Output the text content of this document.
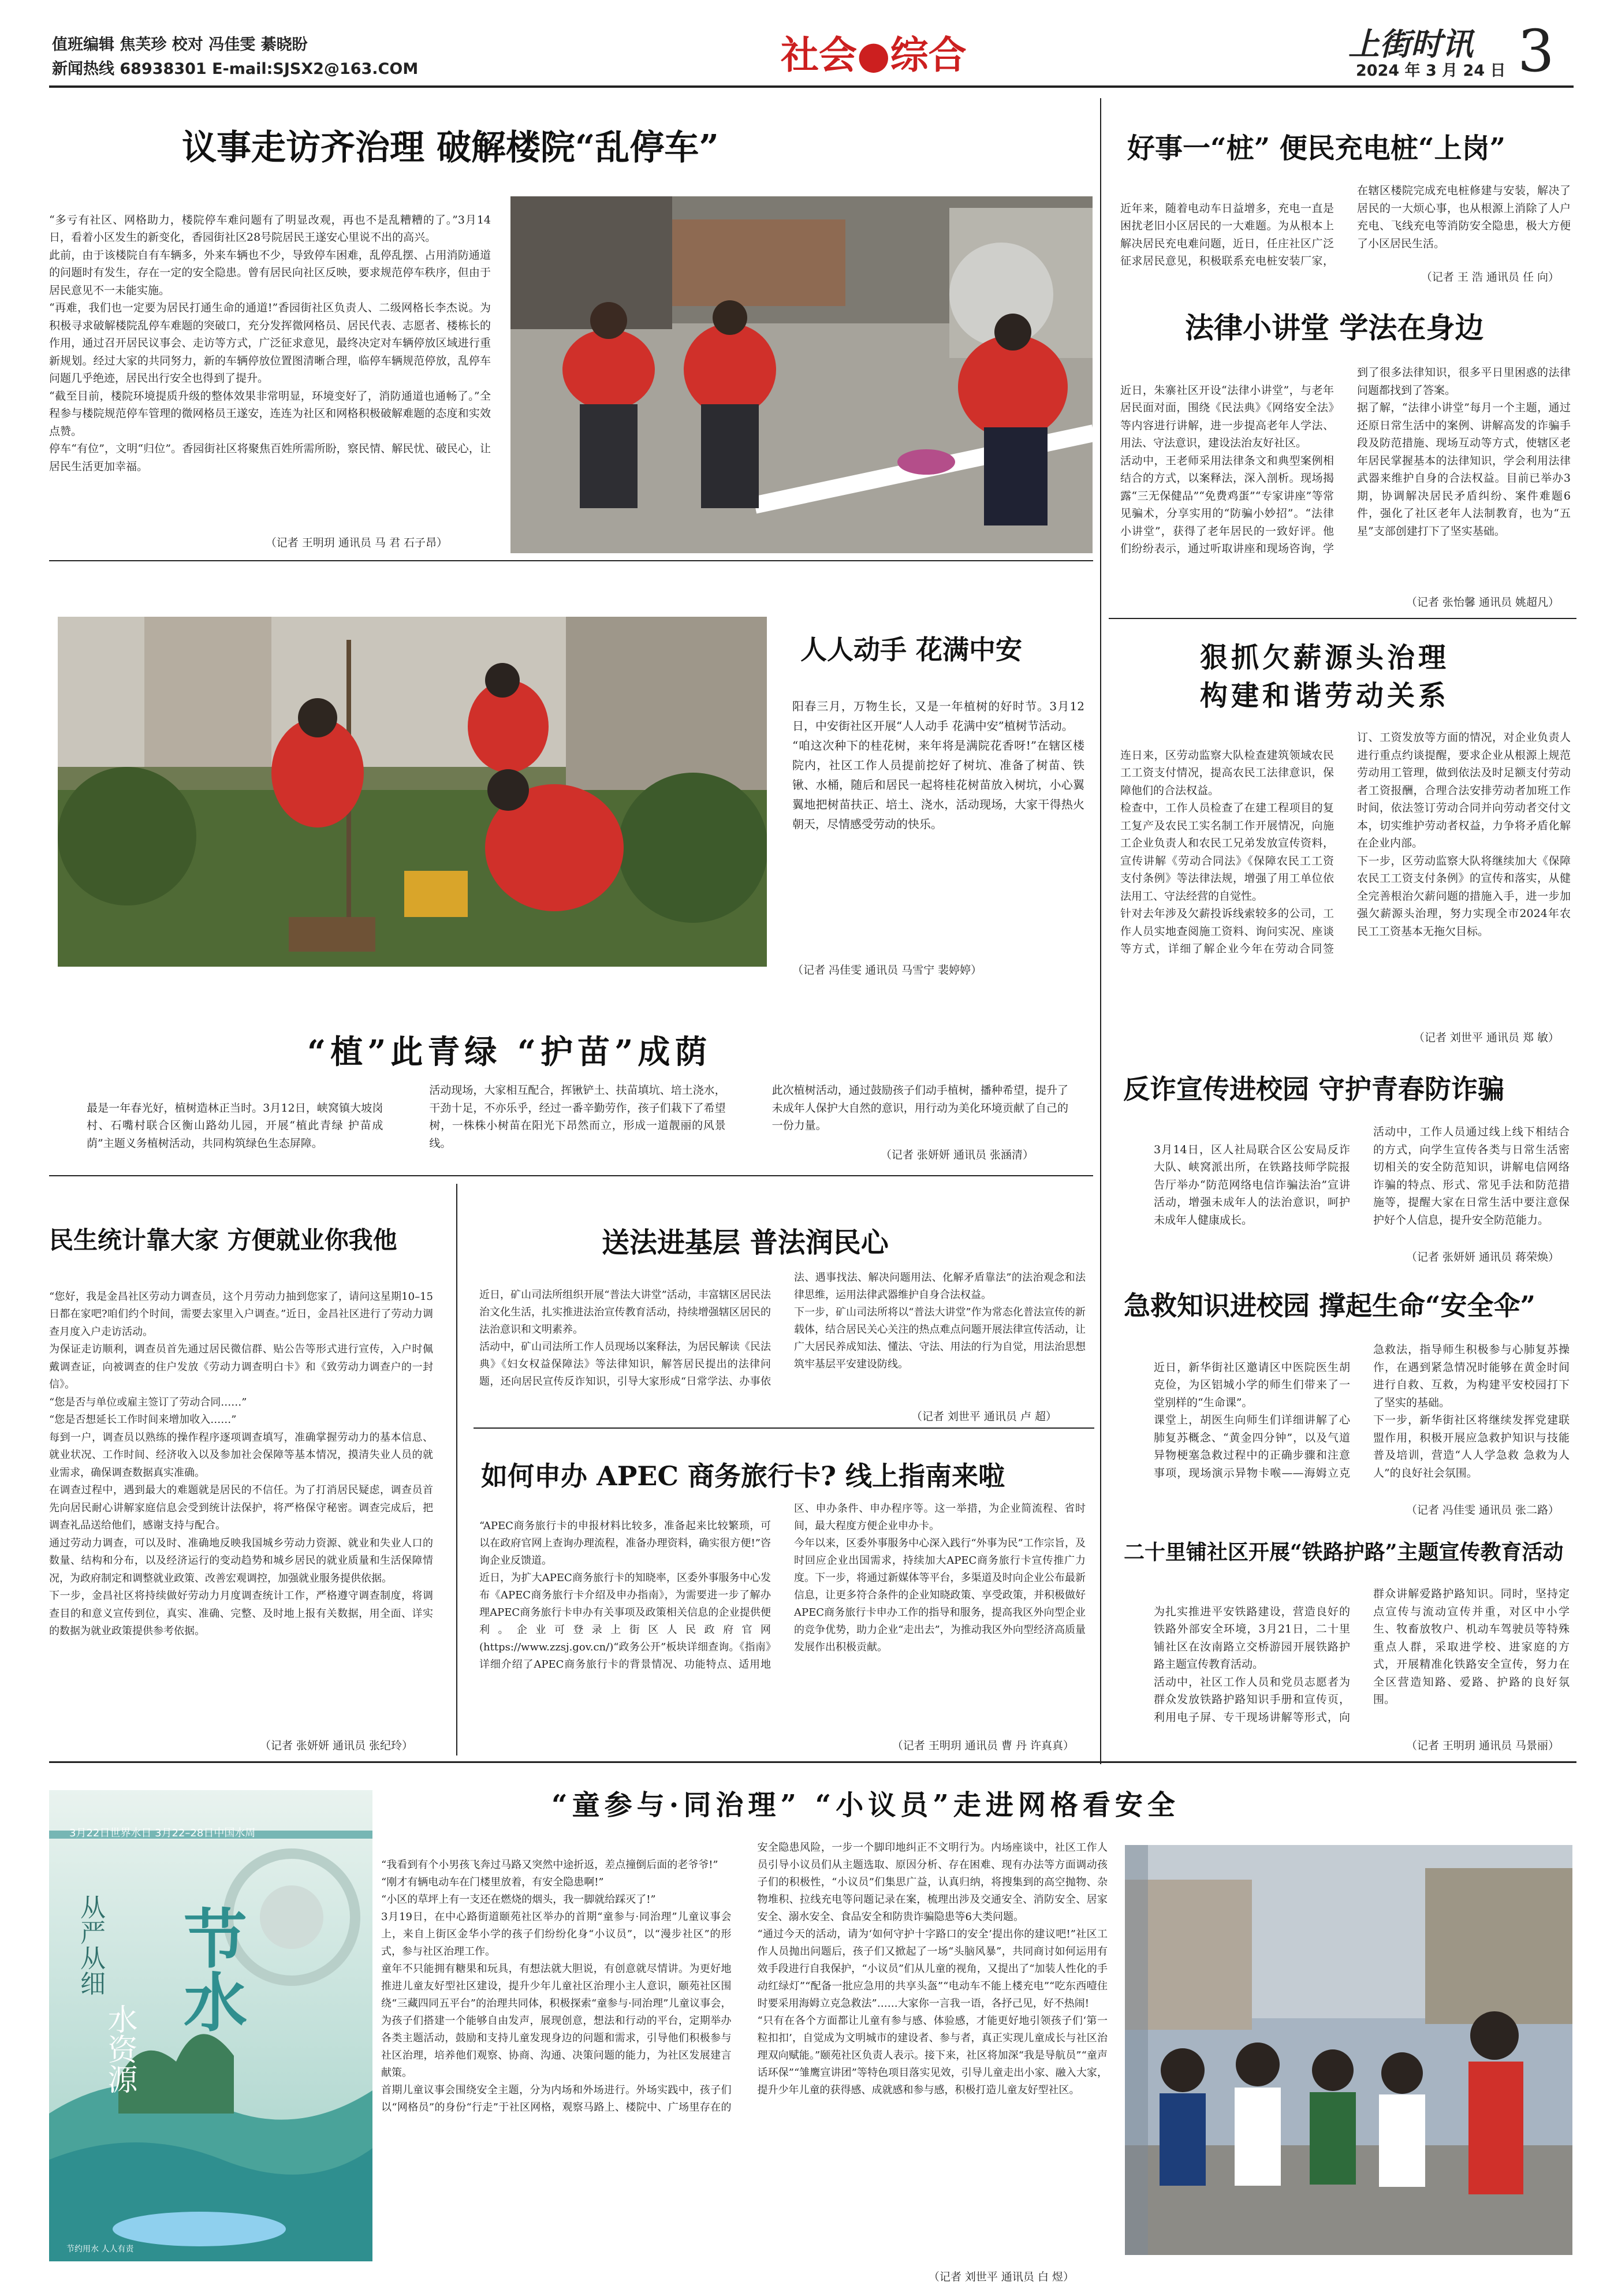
值班编辑 焦芙珍 校对 冯佳雯 綦晓盼
新闻热线 68938301 E-mail:SJSX2@163.COM	社会●综合	上街时讯
2024 年 3 月 24 日 3
议事走访齐治理 破解楼院“乱停车”

“多亏有社区、网格助力，楼院停车难问题有了明显改观，再也不是乱糟糟的了。”3月14日，看着小区发生的新变化，香园街社区28号院居民王遂安心里说不出的高兴。
此前，由于该楼院自有车辆多，外来车辆也不少，导致停车困难，乱停乱摆、占用消防通道的问题时有发生，存在一定的安全隐患。曾有居民向社区反映，要求规范停车秩序，但由于居民意见不一未能实施。
“再难，我们也一定要为居民打通生命的通道!”香园街社区负责人、二级网格长李杰说。为积极寻求破解楼院乱停车难题的突破口，充分发挥微网格员、居民代表、志愿者、楼栋长的作用，通过召开居民议事会、走访等方式，广泛征求意见，最终决定对车辆停放区域进行重新规划。经过大家的共同努力，新的车辆停放位置图清晰合理，临停车辆规范停放，乱停车问题几乎绝迹，居民出行安全也得到了提升。
“截至目前，楼院环境提质升级的整体效果非常明显，环境变好了，消防通道也通畅了。”全程参与楼院规范停车管理的微网格员王遂安，连连为社区和网格积极破解难题的态度和实效点赞。
停车“有位”，文明“归位”。香园街社区将聚焦百姓所需所盼，察民情、解民忧、破民心，让居民生活更加幸福。

（记者 王明玥 通讯员 马 君 石子昂）
人人动手 花满中安

阳春三月，万物生长，又是一年植树的好时节。3月12日，中安街社区开展“人人动手 花满中安”植树节活动。
“咱这次种下的桂花树，来年将是满院花香呀!”在辖区楼院内，社区工作人员提前挖好了树坑、准备了树苗、铁锹、水桶，随后和居民一起将桂花树苗放入树坑，小心翼翼地把树苗扶正、培土、浇水，活动现场，大家干得热火朝天，尽情感受劳动的快乐。

（记者 冯佳雯 通讯员 马雪宁 裴婷婷）
“植”此青绿 “护苗”成荫

最是一年春光好，植树造林正当时。3月12日，峡窝镇大坡岗村、石嘴村联合区衡山路幼儿园，开展“植此青绿 护苗成荫”主题义务植树活动，共同构筑绿色生态屏障。
活动现场，大家相互配合，挥锹铲土、扶苗填坑、培土浇水，干劲十足，不亦乐乎，经过一番辛勤劳作，孩子们栽下了希望树，一株株小树苗在阳光下昂然而立，形成一道靓丽的风景线。
此次植树活动，通过鼓励孩子们动手植树，播种希望，提升了未成年人保护大自然的意识，用行动为美化环境贡献了自己的一份力量。

（记者 张妍妍 通讯员 张涵清）
民生统计靠大家 方便就业你我他

“您好，我是金昌社区劳动力调查员，这个月劳动力抽到您家了，请问这星期10–15日都在家吧?咱们约个时间，需要去家里入户调查。”近日，金昌社区进行了劳动力调查月度入户走访活动。
为保证走访顺利，调查员首先通过居民微信群、贴公告等形式进行宣传，入户时佩戴调查证，向被调查的住户发放《劳动力调查明白卡》和《致劳动力调查户的一封信》。
“您是否与单位或雇主签订了劳动合同……”
“您是否想延长工作时间来增加收入……”
每到一户，调查员以熟练的操作程序逐项调查填写，准确掌握劳动力的基本信息、就业状况、工作时间、经济收入以及参加社会保障等基本情况，摸清失业人员的就业需求，确保调查数据真实准确。
在调查过程中，遇到最大的难题就是居民的不信任。为了打消居民疑虑，调查员首先向居民耐心讲解家庭信息会受到统计法保护，将严格保守秘密。调查完成后，把调查礼品送给他们，感谢支持与配合。
通过劳动力调查，可以及时、准确地反映我国城乡劳动力资源、就业和失业人口的数量、结构和分布，以及经济运行的变动趋势和城乡居民的就业质量和生活保障情况，为政府制定和调整就业政策、改善宏观调控，加强就业服务提供依据。
下一步，金昌社区将持续做好劳动力月度调查统计工作，严格遵守调查制度，将调查目的和意义宣传到位，真实、准确、完整、及时地上报有关数据，用全面、详实的数据为就业政策提供参考依据。

（记者 张妍妍 通讯员 张纪玲）
送法进基层 普法润民心

近日，矿山司法所组织开展“普法大讲堂”活动，丰富辖区居民法治文化生活，扎实推进法治宣传教育活动，持续增强辖区居民的法治意识和文明素养。
活动中，矿山司法所工作人员现场以案释法，为居民解读《民法典》《妇女权益保障法》等法律知识，解答居民提出的法律问题，还向居民宣传反诈知识，引导大家形成“日常学法、办事依法、遇事找法、解决问题用法、化解矛盾靠法”的法治观念和法律思维，运用法律武器维护自身合法权益。
下一步，矿山司法所将以“普法大讲堂”作为常态化普法宣传的新载体，结合居民关心关注的热点难点问题开展法律宣传活动，让广大居民养成知法、懂法、守法、用法的行为自觉，用法治思想筑牢基层平安建设防线。

（记者 刘世平 通讯员 卢 超）
如何申办 APEC 商务旅行卡? 线上指南来啦

“APEC商务旅行卡的申报材料比较多，准备起来比较繁琐，可以在政府官网上查询办理流程，准备办理资料，确实很方便!”咨询企业反馈道。
近日，为扩大APEC商务旅行卡的知晓率，区委外事服务中心发布《APEC商务旅行卡介绍及申办指南》，为需要进一步了解办理APEC商务旅行卡申办有关事项及政策相关信息的企业提供便利。企业可登录上街区人民政府官网(https://www.zzsj.gov.cn/)“政务公开”板块详细查询。《指南》详细介绍了APEC商务旅行卡的背景情况、功能特点、适用地区、申办条件、申办程序等。这一举措，为企业简流程、省时间，最大程度方便企业申办卡。
今年以来，区委外事服务中心深入践行“外事为民”工作宗旨，及时回应企业出国需求，持续加大APEC商务旅行卡宣传推广力度。下一步，将通过新媒体等平台，多渠道及时向企业公布最新信息，让更多符合条件的企业知晓政策、享受政策，并积极做好APEC商务旅行卡申办工作的指导和服务，提高我区外向型企业的竞争优势，助力企业“走出去”，为推动我区外向型经济高质量发展作出积极贡献。

（记者 王明玥 通讯员 曹 丹 许真真）
好事一“桩” 便民充电桩“上岗”

近年来，随着电动车日益增多，充电一直是困扰老旧小区居民的一大难题。为从根本上解决居民充电难问题，近日，任庄社区广泛征求居民意见，积极联系充电桩安装厂家，在辖区楼院完成充电桩修建与安装，解决了居民的一大烦心事，也从根源上消除了人户充电、飞线充电等消防安全隐患，极大方便了小区居民生活。

（记者 王 浩 通讯员 任 向）
法律小讲堂 学法在身边

近日，朱寨社区开设“法律小讲堂”，与老年居民面对面，围绕《民法典》《网络安全法》等内容进行讲解，进一步提高老年人学法、用法、守法意识，建设法治友好社区。
活动中，王老师采用法律条文和典型案例相结合的方式，以案释法，深入剖析。现场揭露“三无保健品”“免费鸡蛋”“专家讲座”等常见骗术，分享实用的“防骗小妙招”。“法律小讲堂”，获得了老年居民的一致好评。他们纷纷表示，通过听取讲座和现场咨询，学到了很多法律知识，很多平日里困惑的法律问题都找到了答案。
据了解，“法律小讲堂”每月一个主题，通过还原日常生活中的案例、讲解高发的诈骗手段及防范措施、现场互动等方式，使辖区老年居民掌握基本的法律知识，学会利用法律武器来维护自身的合法权益。目前已举办3期，协调解决居民矛盾纠纷、案件难题6件，强化了社区老年人法制教育，也为“五星”支部创建打下了坚实基础。

（记者 张怡馨 通讯员 姚超凡）
狠抓欠薪源头治理
构建和谐劳动关系

连日来，区劳动监察大队检查建筑领域农民工工资支付情况，提高农民工法律意识，保障他们的合法权益。
检查中，工作人员检查了在建工程项目的复工复产及农民工实名制工作开展情况，向施工企业负责人和农民工兄弟发放宣传资料，宣传讲解《劳动合同法》《保障农民工工资支付条例》等法律法规，增强了用工单位依法用工、守法经营的自觉性。
针对去年涉及欠薪投诉线索较多的公司，工作人员实地查阅施工资料、询问实况、座谈等方式，详细了解企业今年在劳动合同签订、工资发放等方面的情况，对企业负责人进行重点约谈提醒，要求企业从根源上规范劳动用工管理，做到依法及时足额支付劳动者工资报酬，合理合法安排劳动者加班工作时间，依法签订劳动合同并向劳动者交付文本，切实维护劳动者权益，力争将矛盾化解在企业内部。
下一步，区劳动监察大队将继续加大《保障农民工工资支付条例》的宣传和落实，从健全完善根治欠薪问题的措施入手，进一步加强欠薪源头治理，努力实现全市2024年农民工工资基本无拖欠目标。

（记者 刘世平 通讯员 郑 敏）
反诈宣传进校园 守护青春防诈骗

3月14日，区人社局联合区公安局反诈大队、峡窝派出所，在铁路技师学院报告厅举办“防范网络电信诈骗法治”宣讲活动，增强未成年人的法治意识，呵护未成年人健康成长。
活动中，工作人员通过线上线下相结合的方式，向学生宣传各类与日常生活密切相关的安全防范知识，讲解电信网络诈骗的特点、形式、常见手法和防范措施等，提醒大家在日常生活中要注意保护好个人信息，提升安全防范能力。

（记者 张妍妍 通讯员 蒋荣焕）
急救知识进校园 撑起生命“安全伞”

近日，新华街社区邀请区中医院医生胡克俭，为区铝城小学的师生们带来了一堂别样的“生命课”。
课堂上，胡医生向师生们详细讲解了心肺复苏概念、“黄金四分钟”，以及气道异物梗塞急救过程中的正确步骤和注意事项，现场演示异物卡喉——海姆立克急救法，指导师生积极参与心肺复苏操作，在遇到紧急情况时能够在黄金时间进行自救、互救，为构建平安校园打下了坚实的基础。
下一步，新华街社区将继续发挥党建联盟作用，积极开展应急救护知识与技能普及培训，营造“人人学急救 急救为人人”的良好社会氛围。

（记者 冯佳雯 通讯员 张二路）
二十里铺社区开展“铁路护路”主题宣传教育活动

为扎实推进平安铁路建设，营造良好的铁路外部安全环境，3月21日，二十里铺社区在汝南路立交桥游园开展铁路护路主题宣传教育活动。
活动中，社区工作人员和党员志愿者为群众发放铁路护路知识手册和宣传页，利用电子屏、专干现场讲解等形式，向群众讲解爱路护路知识。同时，坚持定点宣传与流动宣传并重，对区中小学生、牧畜放牧户、机动车驾驶员等特殊重点人群，采取进学校、进家庭的方式，开展精准化铁路安全宣传，努力在全区营造知路、爱路、护路的良好氛围。

（记者 王明玥 通讯员 马景丽）
3月22日世界水日 3月22–28日中国水周
从严从细 节水
水资源
节约用水 人人有责
“童参与·同治理” “小议员”走进网格看安全

“我看到有个小男孩飞奔过马路又突然中途折返，差点撞倒后面的老爷爷!”
“刚才有辆电动车在门楼里放着，有安全隐患啊!”
“小区的草坪上有一支还在燃烧的烟头，我一脚就给踩灭了!”
3月19日，在中心路街道颐苑社区举办的首期“童参与·同治理”儿童议事会上，来自上街区金华小学的孩子们纷纷化身“小议员”，以“漫步社区”的形式，参与社区治理工作。
童年不只能拥有糖果和玩具，有想法就大胆说，有创意就尽情讲。为更好地推进儿童友好型社区建设，提升少年儿童社区治理小主人意识，颐苑社区围绕“三藏四同五平台”的治理共同体，积极探索“童参与·同治理”儿童议事会，为孩子们搭建一个能够自由发声，展现创意，想法和行动的平台，定期举办各类主题活动，鼓励和支持儿童发现身边的问题和需求，引导他们积极参与社区治理，培养他们观察、协商、沟通、决策问题的能力，为社区发展建言献策。
首期儿童议事会围绕安全主题，分为内场和外场进行。外场实践中，孩子们以“网格员”的身份“行走”于社区网格，观察马路上、楼院中、广场里存在的安全隐患风险，一步一个脚印地纠正不文明行为。内场座谈中，社区工作人员引导小议员们从主题选取、原因分析、存在困难、现有办法等方面调动孩子们的积极性，“小议员”们集思广益，认真归纳，将搜集到的高空抛物、杂物堆积、拉线充电等问题记录在案，梳理出涉及交通安全、消防安全、居家安全、溺水安全、食品安全和防贵诈骗隐患等6大类问题。
“通过今天的活动，请为‘如何守护十字路口的安全’提出你的建议吧!”社区工作人员抛出问题后，孩子们又掀起了一场“头脑风暴”，共同商讨如何运用有效手段进行自我保护，“小议员”们从儿童的视角，又提出了“加装人性化的手动红绿灯”“配备一批应急用的共享头盔”“电动车不能上楼充电”“吃东西噎住时要采用海姆立克急救法”……大家你一言我一语，各抒己见，好不热闹!
“只有在各个方面都让儿童有参与感、体验感，才能更好地引领孩子们‘第一粒扣扣’，自觉成为文明城市的建设者、参与者，真正实现儿童成长与社区治理双向赋能。”颐苑社区负责人表示。接下来，社区将加深“我是导航员”“童声话环保”“雏鹰宣讲团”等特色项目落实见效，引导儿童走出小家、融入大家，提升少年儿童的获得感、成就感和参与感，积极打造儿童友好型社区。

（记者 刘世平 通讯员 白 煜）
